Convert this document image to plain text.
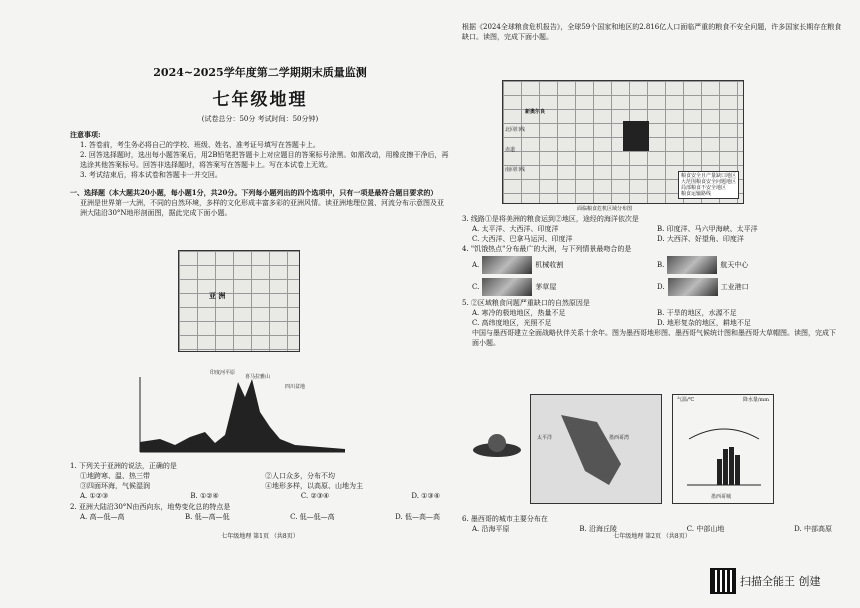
2024~2025学年度第二学期期末质量监测
七年级地理
(试卷总分：50分 考试时间：50分钟)
注意事项:

1. 答卷前，考生务必将自己的学校、班级、姓名、准考证号填写在答题卡上。

2. 回答选择题时，选出每小题答案后，用2B铅笔把答题卡上对应题目的答案标号涂黑。如需改动，用橡皮擦干净后，再选涂其他答案标号。回答非选择题时，将答案写在答题卡上。写在本试卷上无效。

3. 考试结束后，将本试卷和答题卡一并交回。

一、选择题（本大题共20小题，每小题1分，共20分。下列每小题列出的四个选项中，只有一项是最符合题目要求的）

亚洲是世界第一大洲，不同的自然环境，多样的文化形成丰富多彩的亚洲风情。读亚洲地理位置、河流分布示意图及亚洲大陆沿30°N地形剖面图，据此完成下面小题。

亚 洲
印度河平原
喜马拉雅山
四川盆地

1. 下列关于亚洲的说法，正确的是

①地跨寒、温、热三带	②人口众多，分布不均
③四面环海，气候湿润	④地形多样，以高原、山地为主
A. ①②③	B. ①②④	C. ②③④	D. ①③④

2. 亚洲大陆沿30°N由西向东，地势变化总的特点是

A. 高—低—高	B. 低—高—低	C. 低—低—高	D. 低—高—高
七年级地理 第1页 （共8页）

根据《2024全球粮食危机报告》，全球59个国家和地区的2.816亿人口面临严重的粮食不安全问题，许多国家长期存在粮食缺口。读图，完成下面小题。

新奥尔良
北回归线
赤道
南回归线
粮食安全且产量缺口地区
大范围粮食安全问题地区
局部粮食不安全地区
粮食运输路线
面临粮食危机区域分布图

3. 线路①是将美洲的粮食运到②地区，途经的海洋依次是

A. 太平洋、大西洋、印度洋	B. 印度洋、马六甲海峡、太平洋
C. 大西洋、巴拿马运河、印度洋	D. 大西洋、好望角、印度洋

4. "饥饿热点"分布最广的大洲，与下列情景最吻合的是

A.	机械收割	B.	航天中心
C.	茅草屋	D.	工业港口

5. ②区域粮食问题严重缺口的自然原因是

A. 寒冷的极地地区，热量不足	B. 干旱的地区，水源不足
C. 高纬度地区，光照不足	D. 地形复杂的地区，耕地不足

中国与墨西哥建立全面战略伙伴关系十余年。图为墨西哥地形图、墨西哥气候统计图和墨西哥大草帽图。读图，完成下面小题。

太平洋	墨西哥湾
气温/℃	降水量/mm
墨西哥城

6. 墨西哥的城市主要分布在

A. 沿海平原	B. 沿海丘陵	C. 中部山地	D. 中部高原
七年级地理 第2页 （共8页）
扫描全能王 创建
